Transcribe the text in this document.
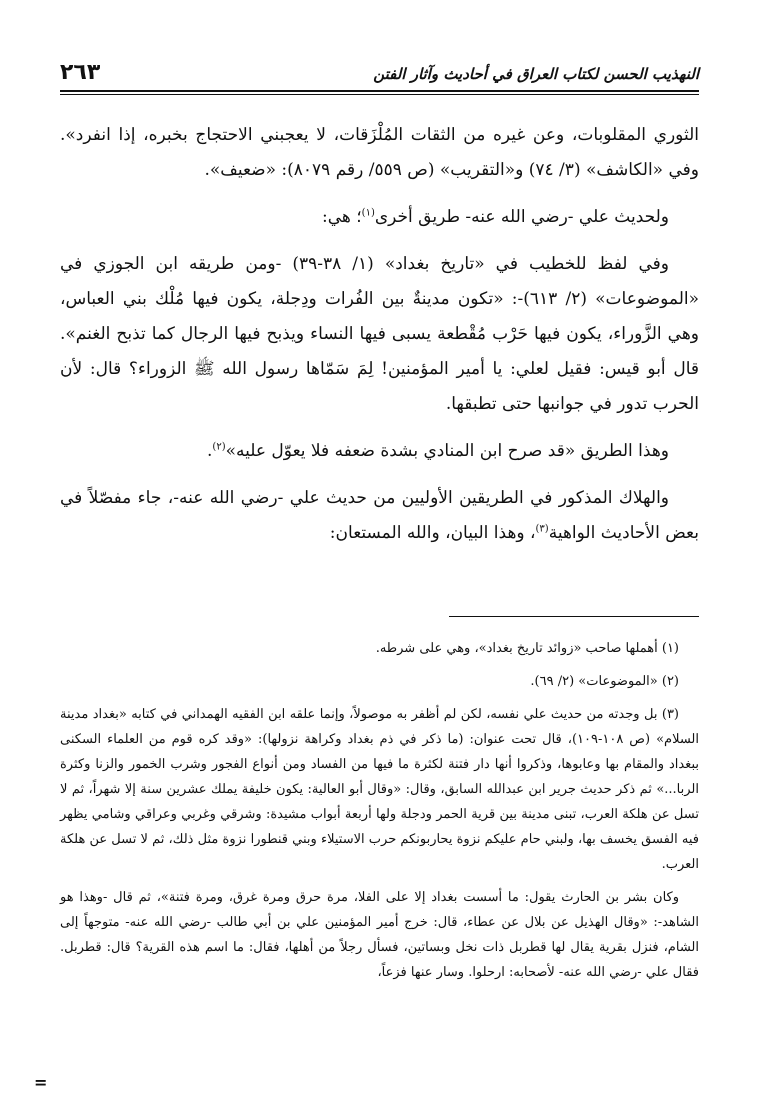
٢٦٣	النهذيب الحسن لكتاب العراق في أحاديث وآثار الفتن

الثوري المقلوبات، وعن غيره من الثقات المُلْزَقات، لا يعجبني الاحتجاج بخبره، إذا انفرد». وفي «الكاشف» (٣/ ٧٤) و«التقريب» (ص ٥٥٩/ رقم ٨٠٧٩): «ضعيف».

ولحديث علي -رضي الله عنه- طريق أخرى$^{(١)}$؛ هي:

وفي لفظ للخطيب في «تاريخ بغداد» (١/ ٣٨-٣٩) -ومن طريقه ابن الجوزي في «الموضوعات» (٢/ ٦١٣)-: «تكون مدينةٌ بين الفُرات ودِجلة، يكون فيها مُلْك بني العباس، وهي الزَّوراء، يكون فيها حَرْب مُقْطعة يسبى فيها النساء ويذبح فيها الرجال كما تذبح الغنم». قال أبو قيس: فقيل لعلي: يا أمير المؤمنين! لِمَ سَمّاها رسول الله ﷺ الزوراء؟ قال: لأن الحرب تدور في جوانبها حتى تطبقها.

وهذا الطريق «قد صرح ابن المنادي بشدة ضعفه فلا يعوّل عليه»$^{(٢)}$.

والهلاك المذكور في الطريقين الأوليين من حديث علي -رضي الله عنه-، جاء مفصّلاً في بعض الأحاديث الواهية$^{(٣)}$، وهذا البيان، والله المستعان:

(١) أهملها صاحب «زوائد تاريخ بغداد»، وهي على شرطه.

(٢) «الموضوعات» (٢/ ٦٩).

(٣) بل وجدته من حديث علي نفسه، لكن لم أظفر به موصولاً، وإنما علقه ابن الفقيه الهمداني في كتابه «بغداد مدينة السلام» (ص ١٠٨-١٠٩)، قال تحت عنوان: (ما ذكر في ذم بغداد وكراهة نزولها): «وقد كره قوم من العلماء السكنى ببغداد والمقام بها وعابوها، وذكروا أنها دار فتنة لكثرة ما فيها من الفساد ومن أنواع الفجور وشرب الخمور والزنا وكثرة الربا...» ثم ذكر حديث جرير ابن عبدالله السابق، وقال: «وقال أبو العالية: يكون خليفة يملك عشرين سنة إلا شهراً، ثم لا تسل عن هلكة العرب، تبنى مدينة بين قرية الحمر ودجلة ولها أربعة أبواب مشيدة: وشرقي وغربي وعراقي وشامي يظهر فيه الفسق يخسف بها، ولبني حام عليكم نزوة يحاربونكم حرب الاستيلاء وبني قنطورا نزوة مثل ذلك، ثم لا تسل عن هلكة العرب.

وكان بشر بن الحارث يقول: ما أسست بغداد إلا على الفلا، مرة حرق ومرة غرق، ومرة فتنة»، ثم قال -وهذا هو الشاهد-: «وقال الهذيل عن بلال عن عطاء، قال: خرج أمير المؤمنين علي بن أبي طالب -رضي الله عنه- متوجهاً إلى الشام، فنزل بقرية يقال لها قطربل ذات نخل وبساتين، فسأل رجلاً من أهلها، فقال: ما اسم هذه القرية؟ قال: قطربل. فقال علي -رضي الله عنه- لأصحابه: ارحلوا. وسار عنها فزعاً،

=
